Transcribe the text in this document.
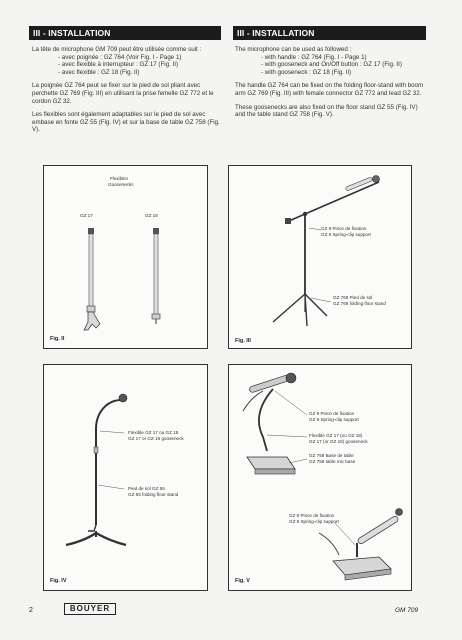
III - INSTALLATION	III - INSTALLATION
La tête de microphone GM 709 peut être utilisée comme suit :
- avec poignée : GZ 764 (Voir Fig. I - Page 1)
- avec flexible à interrupteur : GZ 17 (Fig. II)
- avec flexible : GZ 18 (Fig. II)
La poignée GZ 764 peut se fixer sur le pied de sol pliant avec perchette GZ 769 (Fig. III) en utilisant la prise femelle GZ 772 et le cordon GZ 32.
Les flexibles sont également adaptables sur le pied de sol avec embase en fonte GZ 55 (Fig. IV) et sur la base de table GZ 758 (Fig. V).
The microphone can be used as followed :
- with handle : GZ 764 (Fig. I - Page 1)
- with gooseneck and On/Off button : GZ 17 (Fig. II)
- with gooseneck : GZ 18 (Fig. II)
The handle GZ 764 can be fixed on the folding floor-stand with boom arm GZ 769 (Fig. III) with female connector GZ 772 and lead GZ 32.
These goosenecks are also fixed on the floor stand GZ 55 (Fig. IV) and the table stand GZ 758 (Fig. V).
Flexibles
Goosenecks
GZ 17	GZ 18
Fig. II
GZ 9 Pince de fixation
GZ 9 Spring-clip support
GZ 769 Pied de sol
GZ 769 folding floor stand
Fig. III
Flexible GZ 17 ou GZ 18
GZ 17 or GZ 18 gooseneck
Pied de sol GZ 55
GZ 55 folding floor stand
Fig. IV
GZ 9 Pince de fixation
GZ 9 Spring-clip support
Flexible GZ 17 (ou GZ 18)
GZ 17 (or GZ 18) gooseneck
GZ 758 Base de table
GZ 758 table mic base
GZ 9 Pince de fixation
GZ 9 Spring-clip support
Fig. V
2	BOUYER	GM 709
